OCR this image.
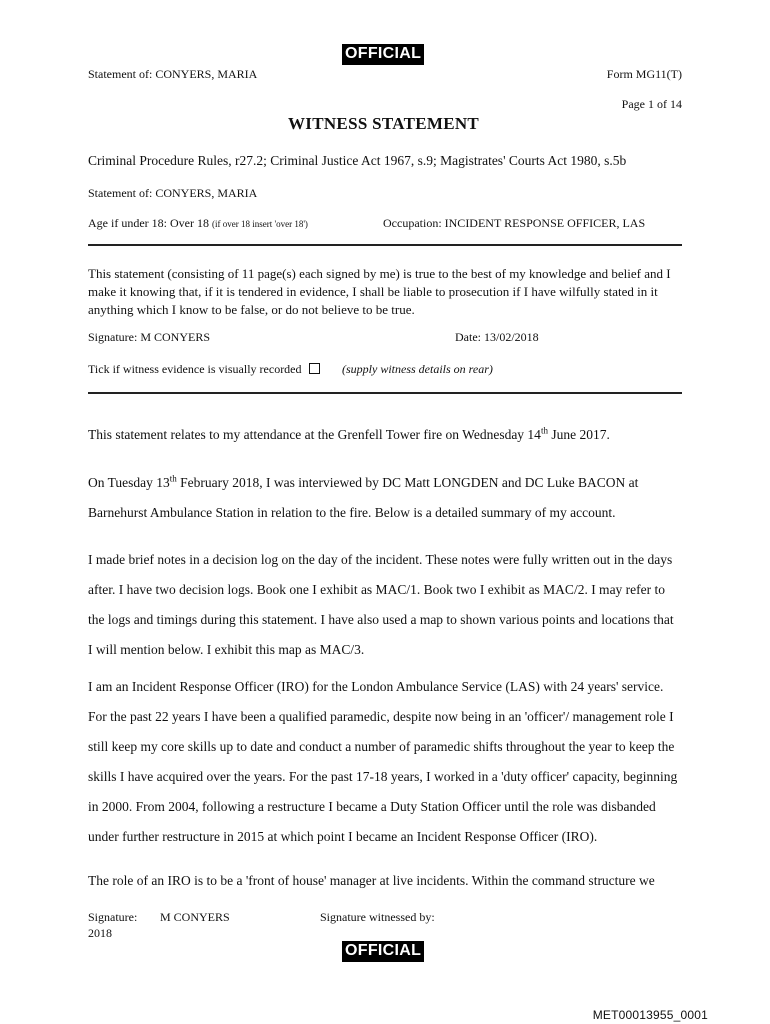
OFFICIAL
Statement of: CONYERS, MARIA	Form MG11(T)
Page 1 of 14
WITNESS STATEMENT
Criminal Procedure Rules, r27.2; Criminal Justice Act 1967, s.9; Magistrates' Courts Act 1980, s.5b
Statement of: CONYERS, MARIA
Age if under 18: Over 18 (if over 18 insert 'over 18')	Occupation: INCIDENT RESPONSE OFFICER, LAS
This statement (consisting of 11 page(s) each signed by me) is true to the best of my knowledge and belief and I make it knowing that, if it is tendered in evidence, I shall be liable to prosecution if I have wilfully stated in it anything which I know to be false, or do not believe to be true.
Signature: M CONYERS	Date: 13/02/2018
Tick if witness evidence is visually recorded	(supply witness details on rear)
This statement relates to my attendance at the Grenfell Tower fire on Wednesday 14th June 2017.
On Tuesday 13th February 2018, I was interviewed by DC Matt LONGDEN and DC Luke BACON at Barnehurst Ambulance Station in relation to the fire. Below is a detailed summary of my account.
I made brief notes in a decision log on the day of the incident. These notes were fully written out in the days after. I have two decision logs. Book one I exhibit as MAC/1. Book two I exhibit as MAC/2. I may refer to the logs and timings during this statement. I have also used a map to shown various points and locations that I will mention below. I exhibit this map as MAC/3.
I am an Incident Response Officer (IRO) for the London Ambulance Service (LAS) with 24 years' service. For the past 22 years I have been a qualified paramedic, despite now being in an 'officer'/ management role I still keep my core skills up to date and conduct a number of paramedic shifts throughout the year to keep the skills I have acquired over the years. For the past 17-18 years, I worked in a 'duty officer' capacity, beginning in 2000. From 2004, following a restructure I became a Duty Station Officer until the role was disbanded under further restructure in 2015 at which point I became an Incident Response Officer (IRO).
The role of an IRO is to be a 'front of house' manager at live incidents. Within the command structure we
Signature: M CONYERS	Signature witnessed by:
2018
OFFICIAL
MET00013955_0001
